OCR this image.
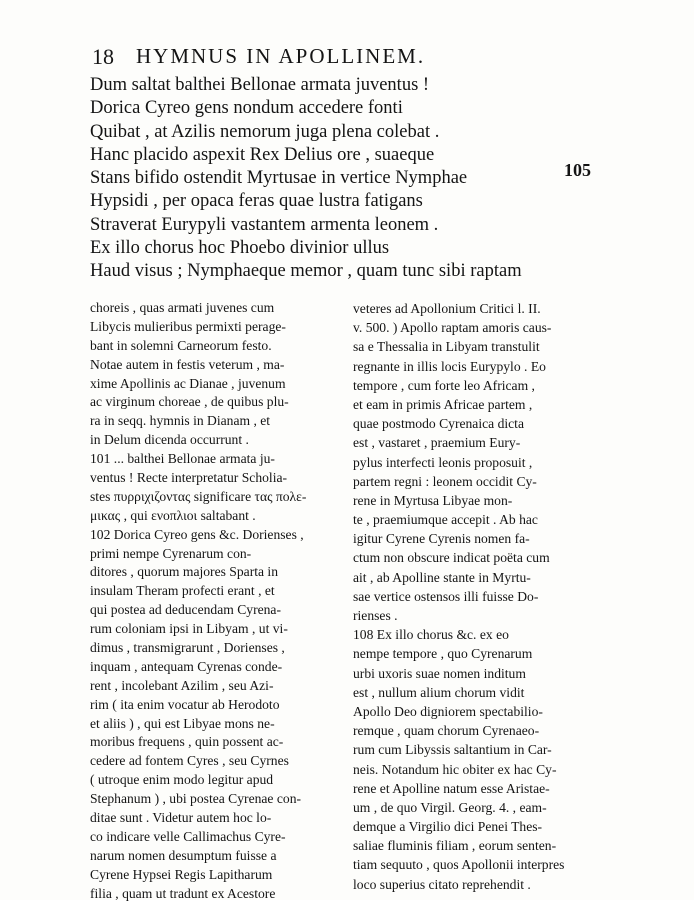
18 HYMNUS IN APOLLINEM.
Dum saltat balthei Bellonae armata juventus !
Dorica Cyreo gens nondum accedere fonti
Quibat , at Azilis nemorum juga plena colebat .
Hanc placido aspexit Rex Delius ore , suaeque
Stans bifido ostendit Myrtusae in vertice Nymphae
Hypsidi , per opaca feras quae lustra fatigans
Straverat Eurypyli vastantem armenta leonem .
Ex illo chorus hoc Phoebo divinior ullus
Haud visus ; Nymphaeque memor , quam tunc sibi raptam
105
choreis , quas armati juvenes cum
Libycis mulieribus permixti perage-
bant in solemni Carneorum festo.
Notae autem in festis veterum , ma-
xime Apollinis ac Dianae , juvenum
ac virginum choreae , de quibus plu-
ra in seqq. hymnis in Dianam , et
in Delum dicenda occurrunt .
101 ... balthei Bellonae armata ju-
ventus ! Recte interpretatur Scholia-
stes πυρριχιζοντας significare τας πολε-
μικας , qui ενοπλιοι saltabant .
102 Dorica Cyreo gens &c. Dorienses ,
primi nempe Cyrenarum con-
ditores , quorum majores Sparta in
insulam Theram profecti erant , et
qui postea ad deducendam Cyrena-
rum coloniam ipsi in Libyam , ut vi-
dimus , transmigrarunt , Dorienses ,
inquam , antequam Cyrenas conde-
rent , incolebant Azilim , seu Azi-
rim ( ita enim vocatur ab Herodoto
et aliis ) , qui est Libyae mons ne-
moribus frequens , quin possent ac-
cedere ad fontem Cyres , seu Cyrnes
( utroque enim modo legitur apud
Stephanum ) , ubi postea Cyrenae con-
ditae sunt . Videtur autem hoc lo-
co indicare velle Callimachus Cyre-
narum nomen desumptum fuisse a
Cyrene Hypsei Regis Lapitharum
filia , quam ut tradunt ex Acestore
veteres ad Apollonium Critici l. II.
v. 500. ) Apollo raptam amoris caus-
sa e Thessalia in Libyam transtulit
regnante in illis locis Eurypylo . Eo
tempore , cum forte leo Africam ,
et eam in primis Africae partem ,
quae postmodo Cyrenaica dicta
est , vastaret , praemium Eury-
pylus interfecti leonis proposuit ,
partem regni : leonem occidit Cy-
rene in Myrtusa Libyae mon-
te , praemiumque accepit . Ab hac
igitur Cyrene Cyrenis nomen fa-
ctum non obscure indicat poëta cum
ait , ab Apolline stante in Myrtu-
sae vertice ostensos illi fuisse Do-
rienses .
108 Ex illo chorus &c. ex eo
nempe tempore , quo Cyrenarum
urbi uxoris suae nomen inditum
est , nullum alium chorum vidit
Apollo Deo digniorem spectabilio-
remque , quam chorum Cyrenaeo-
rum cum Libyssis saltantium in Car-
neis. Notandum hic obiter ex hac Cy-
rene et Apolline natum esse Aristae-
um , de quo Virgil. Georg. 4. , eam-
demque a Virgilio dici Penei Thes-
saliae fluminis filiam , eorum senten-
tiam sequuto , quos Apollonii interpres
loco superius citato reprehendit .
